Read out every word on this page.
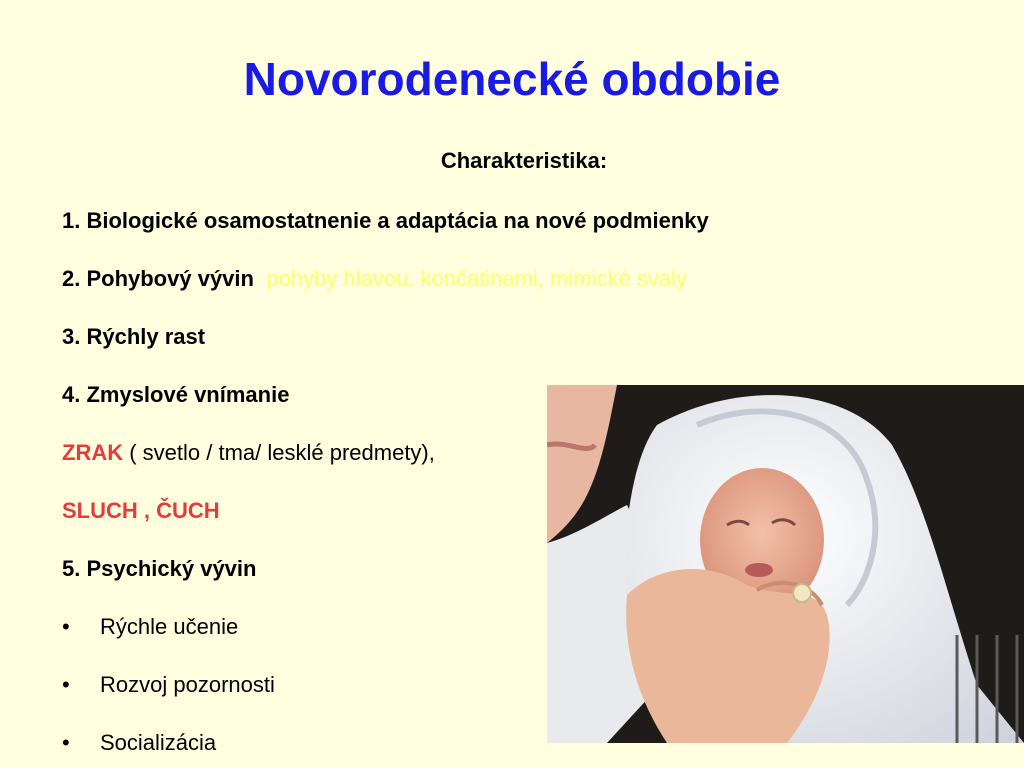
Novorodenecké obdobie
Charakteristika:
1. Biologické osamostatnenie a adaptácia na nové podmienky
2. Pohybový vývin pohyby hlavou, končatinami, mimické svaly
3. Rýchly rast
4. Zmyslové vnímanie
ZRAK ( svetlo / tma/ lesklé predmety),
SLUCH , ČUCH
5. Psychický vývin
• Rýchle učenie
• Rozvoj pozornosti
• Socializácia
